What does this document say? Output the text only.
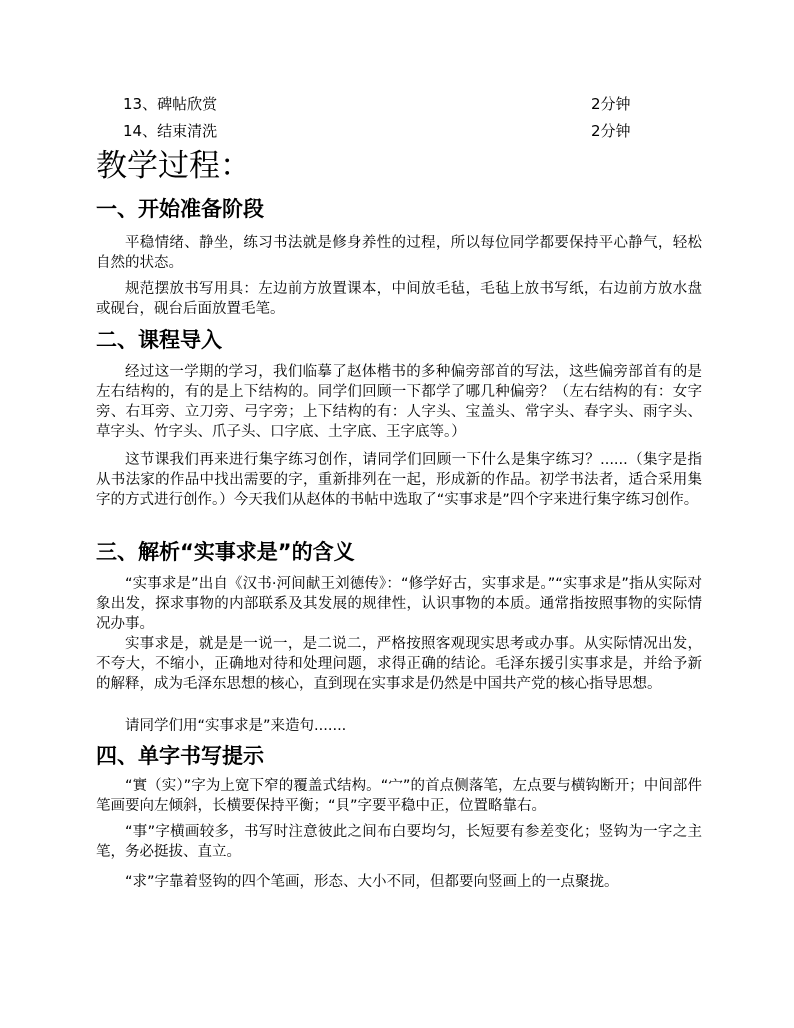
13、碑帖欣赏	2分钟
14、结束清洗	2分钟
教学过程：
一、开始准备阶段

平稳情绪、静坐，练习书法就是修身养性的过程，所以每位同学都要保持平心静气，轻松自然的状态。

规范摆放书写用具：左边前方放置课本，中间放毛毡，毛毡上放书写纸，右边前方放水盘或砚台，砚台后面放置毛笔。

二、课程导入

经过这一学期的学习，我们临摹了赵体楷书的多种偏旁部首的写法，这些偏旁部首有的是左右结构的，有的是上下结构的。同学们回顾一下都学了哪几种偏旁？（左右结构的有：女字旁、右耳旁、立刀旁、弓字旁；上下结构的有：人字头、宝盖头、常字头、春字头、雨字头、草字头、竹字头、爪子头、口字底、土字底、王字底等。）

这节课我们再来进行集字练习创作，请同学们回顾一下什么是集字练习？......（集字是指从书法家的作品中找出需要的字，重新排列在一起，形成新的作品。初学书法者，适合采用集字的方式进行创作。）今天我们从赵体的书帖中选取了“实事求是”四个字来进行集字练习创作。

三、解析“实事求是”的含义

“实事求是”出自《汉书·河间献王刘德传》：“修学好古，实事求是。”“实事求是”指从实际对象出发，探求事物的内部联系及其发展的规律性，认识事物的本质。通常指按照事物的实际情况办事。

实事求是，就是是一说一，是二说二，严格按照客观现实思考或办事。从实际情况出发，不夸大，不缩小，正确地对待和处理问题，求得正确的结论。毛泽东援引实事求是，并给予新的解释，成为毛泽东思想的核心，直到现在实事求是仍然是中国共产党的核心指导思想。

请同学们用“实事求是”来造句.......

四、单字书写提示

“實（实）”字为上宽下窄的覆盖式结构。“宀”的首点侧落笔，左点要与横钩断开；中间部件笔画要向左倾斜，长横要保持平衡；“貝”字要平稳中正，位置略靠右。

“事”字横画较多，书写时注意彼此之间布白要均匀，长短要有参差变化；竖钩为一字之主笔，务必挺拔、直立。

“求”字靠着竖钩的四个笔画，形态、大小不同，但都要向竖画上的一点聚拢。
